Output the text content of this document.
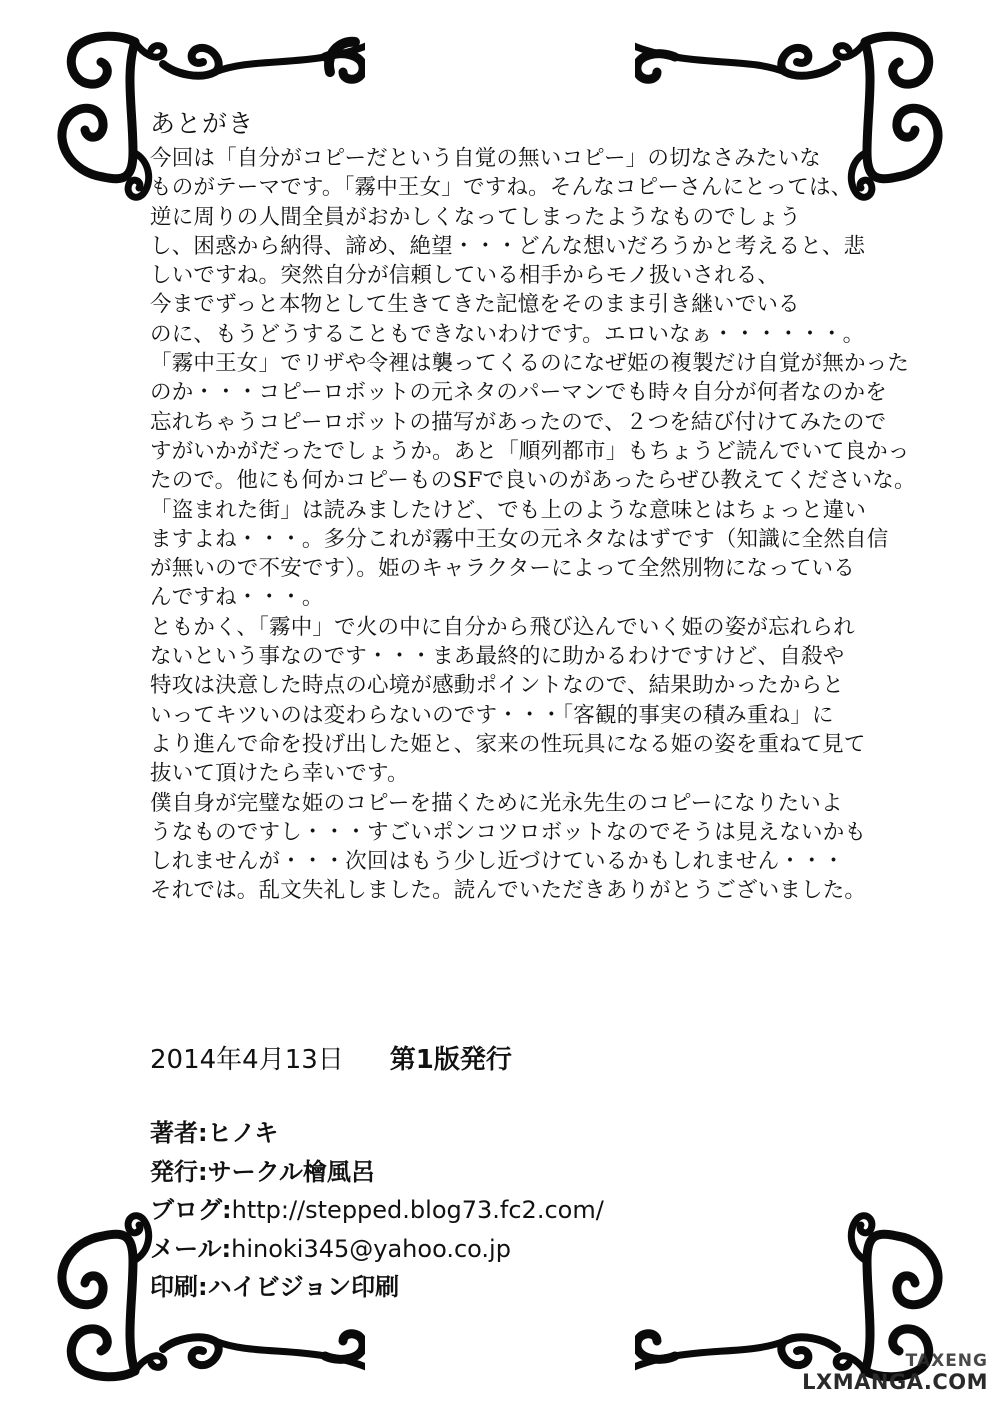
あとがき
今回は「自分がコピーだという自覚の無いコピー」の切なさみたいな
ものがテーマです。「霧中王女」ですね。そんなコピーさんにとっては、
逆に周りの人間全員がおかしくなってしまったようなものでしょう
し、困惑から納得、諦め、絶望・・・どんな想いだろうかと考えると、悲
しいですね。突然自分が信頼している相手からモノ扱いされる、
今までずっと本物として生きてきた記憶をそのまま引き継いでいる
のに、もうどうすることもできないわけです。エロいなぁ・・・・・・。
「霧中王女」でリザや令裡は襲ってくるのになぜ姫の複製だけ自覚が無かった
のか・・・コピーロボットの元ネタのパーマンでも時々自分が何者なのかを
忘れちゃうコピーロボットの描写があったので、２つを結び付けてみたので
すがいかがだったでしょうか。あと「順列都市」もちょうど読んでいて良かっ
たので。他にも何かコピーものSFで良いのがあったらぜひ教えてくださいな。
「盗まれた街」は読みましたけど、でも上のような意味とはちょっと違い
ますよね・・・。多分これが霧中王女の元ネタなはずです（知識に全然自信
が無いので不安です）。姫のキャラクターによって全然別物になっている
んですね・・・。
ともかく、「霧中」で火の中に自分から飛び込んでいく姫の姿が忘れられ
ないという事なのです・・・まあ最終的に助かるわけですけど、自殺や
特攻は決意した時点の心境が感動ポイントなので、結果助かったからと
いってキツいのは変わらないのです・・・「客観的事実の積み重ね」に
より進んで命を投げ出した姫と、家来の性玩具になる姫の姿を重ねて見て
抜いて頂けたら幸いです。
僕自身が完璧な姫のコピーを描くために光永先生のコピーになりたいよ
うなものですし・・・すごいポンコツロボットなのでそうは見えないかも
しれませんが・・・次回はもう少し近づけているかもしれません・・・
それでは。乱文失礼しました。読んでいただきありがとうございました。
2014年4月13日 第1版発行
著者:ヒノキ
発行:サークル檜風呂
ブログ:http://stepped.blog73.fc2.com/
メール:hinoki345@yahoo.co.jp
印刷:ハイビジョン印刷
TAXENG
LXMANGA.COM
